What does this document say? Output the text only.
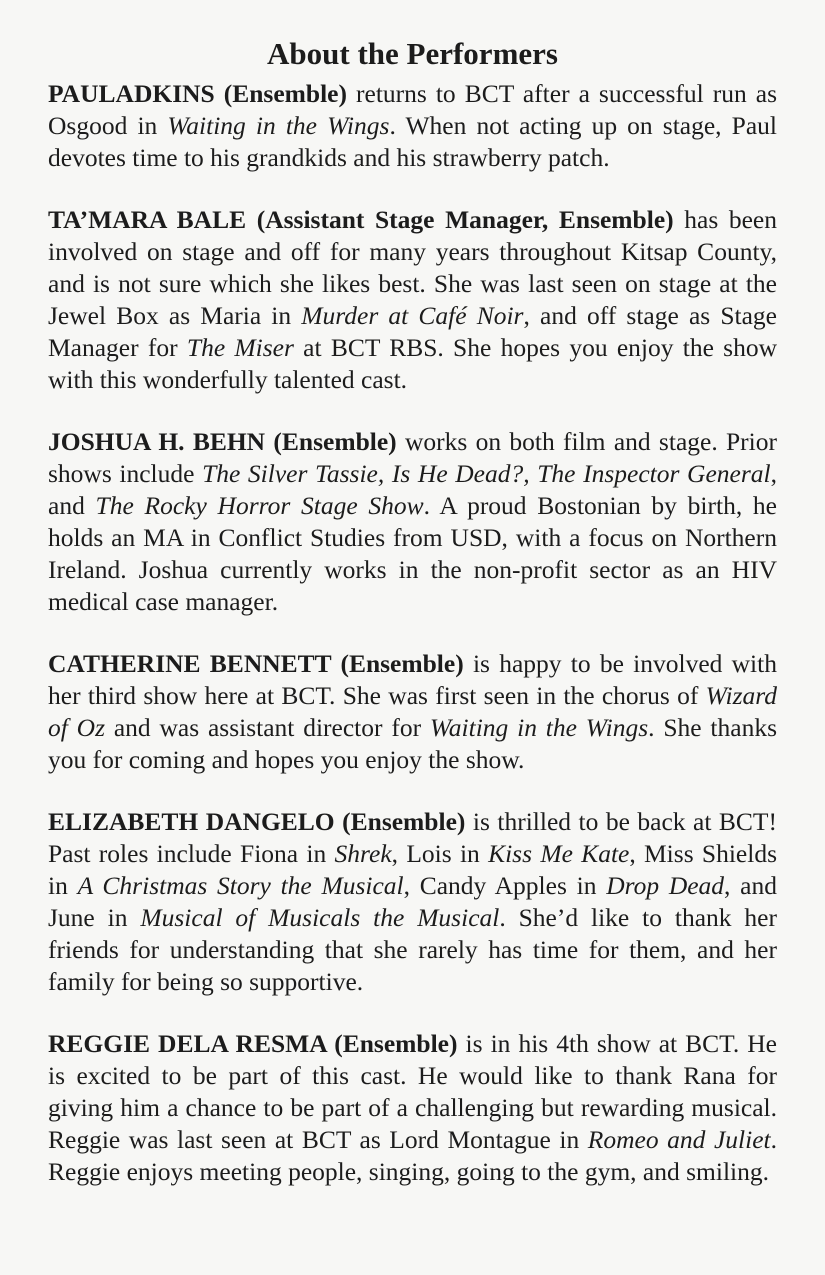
About the Performers

PAULADKINS (Ensemble) returns to BCT after a successful run as Osgood in Waiting in the Wings. When not acting up on stage, Paul devotes time to his grandkids and his strawberry patch.

TA’MARA BALE (Assistant Stage Manager, Ensemble) has been involved on stage and off for many years throughout Kitsap County, and is not sure which she likes best. She was last seen on stage at the Jewel Box as Maria in Murder at Café Noir, and off stage as Stage Manager for The Miser at BCT RBS. She hopes you enjoy the show with this wonderfully talented cast.

JOSHUA H. BEHN (Ensemble) works on both film and stage. Prior shows include The Silver Tassie, Is He Dead?, The Inspector General, and The Rocky Horror Stage Show. A proud Bostonian by birth, he holds an MA in Conflict Studies from USD, with a focus on Northern Ireland. Joshua currently works in the non-profit sector as an HIV medical case manager.

CATHERINE BENNETT (Ensemble) is happy to be involved with her third show here at BCT. She was first seen in the chorus of Wizard of Oz and was assistant director for Waiting in the Wings. She thanks you for coming and hopes you enjoy the show.

ELIZABETH DANGELO (Ensemble) is thrilled to be back at BCT! Past roles include Fiona in Shrek, Lois in Kiss Me Kate, Miss Shields in A Christmas Story the Musical, Candy Apples in Drop Dead, and June in Musical of Musicals the Musical. She’d like to thank her friends for understanding that she rarely has time for them, and her family for being so supportive.

REGGIE DELA RESMA (Ensemble) is in his 4th show at BCT. He is excited to be part of this cast. He would like to thank Rana for giving him a chance to be part of a challenging but rewarding musical. Reggie was last seen at BCT as Lord Montague in Romeo and Juliet. Reggie enjoys meeting people, singing, going to the gym, and smiling.
